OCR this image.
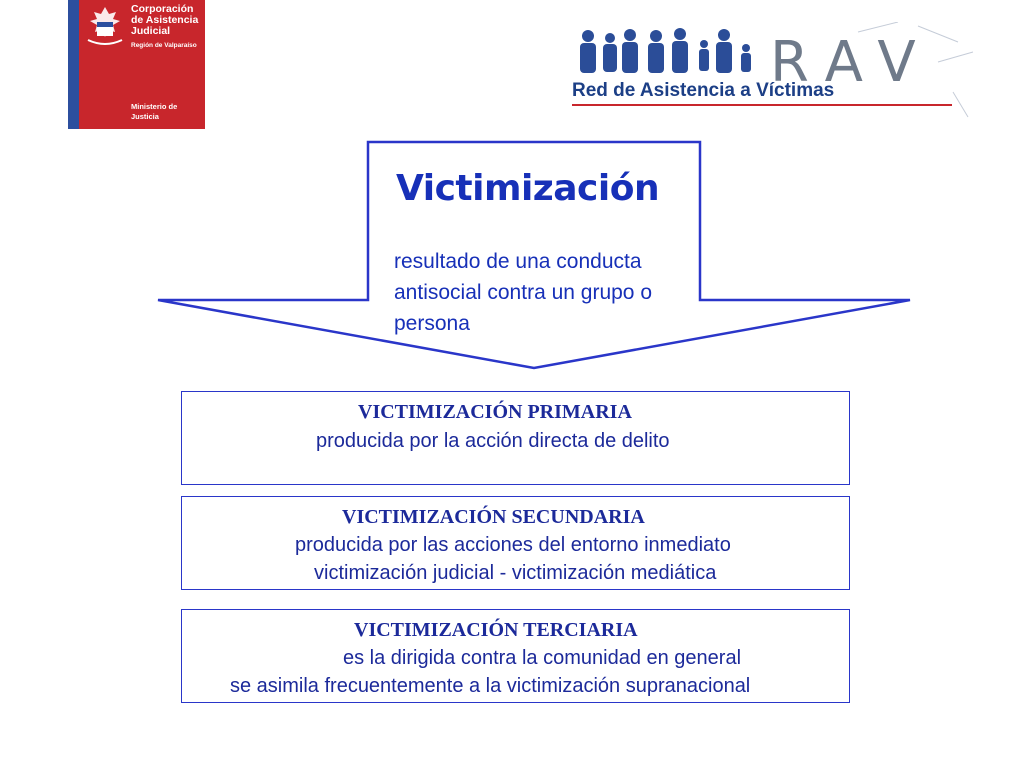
Corporación de Asistencia Judicial
Región de Valparaíso
Ministerio de Justicia
RAV
Red de Asistencia a Víctimas
Victimización
resultado de una conducta antisocial contra un grupo o persona
VICTIMIZACIÓN PRIMARIA
producida por la acción directa de delito
VICTIMIZACIÓN SECUNDARIA
producida por las acciones del entorno inmediato
victimización judicial - victimización mediática
VICTIMIZACIÓN TERCIARIA
es la dirigida contra la comunidad en general
se asimila frecuentemente a la victimización supranacional
